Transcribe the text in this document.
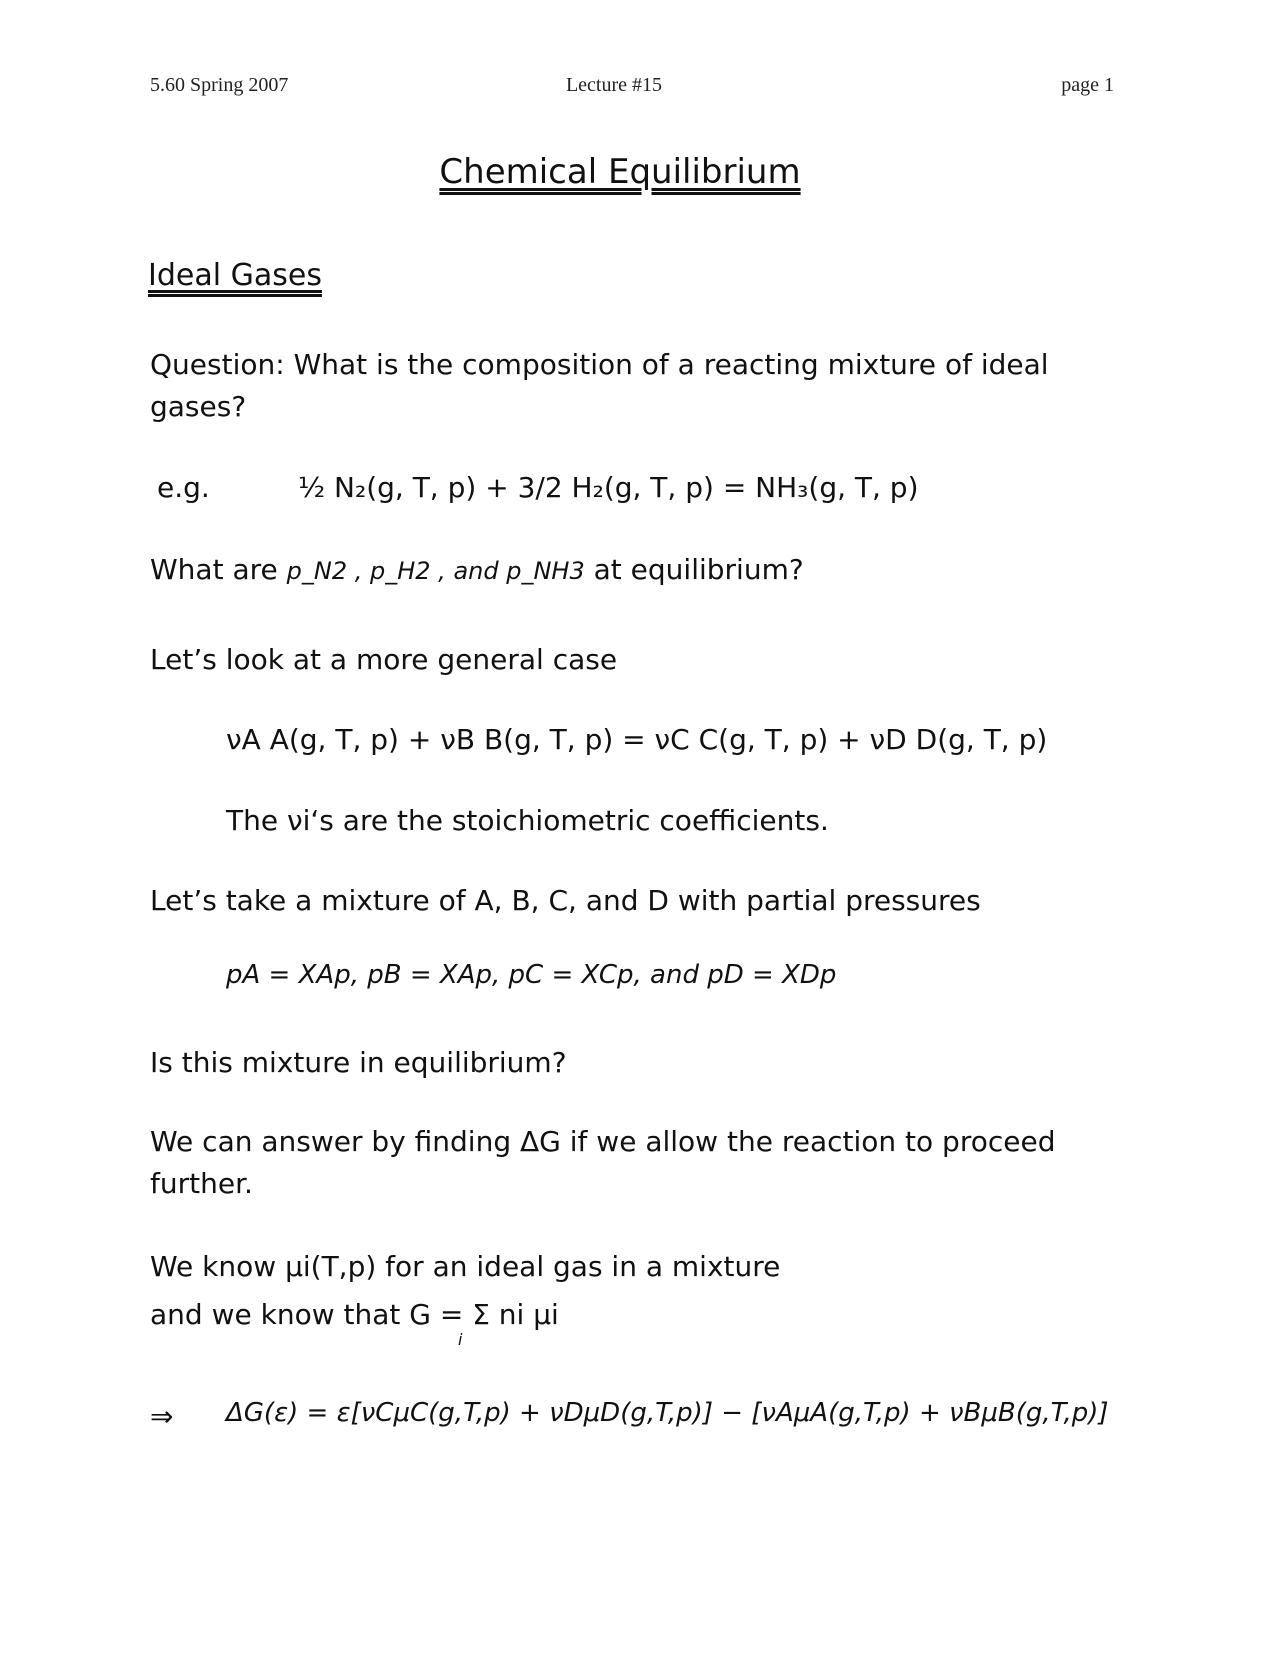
5.60 Spring 2007	Lecture #15	page 1
Chemical Equilibrium
Ideal Gases
Question: What is the composition of a reacting mixture of ideal
gases?
e.g.	½ N₂(g, T, p) + 3/2 H₂(g, T, p) = NH₃(g, T, p)
What are p_N2 , p_H2 , and p_NH3 at equilibrium?
Let’s look at a more general case
νA A(g, T, p) + νB B(g, T, p) = νC C(g, T, p) + νD D(g, T, p)
The νi‘s are the stoichiometric coefficients.
Let’s take a mixture of A, B, C, and D with partial pressures
pA = XAp, pB = XAp, pC = XCp, and pD = XDp
Is this mixture in equilibrium?
We can answer by finding ΔG if we allow the reaction to proceed
further.
We know μi(T,p) for an ideal gas in a mixture
and we know that G = Σ ni μi
i
⇒ ΔG(ε) = ε[νCμC(g,T,p) + νDμD(g,T,p)] − [νAμA(g,T,p) + νBμB(g,T,p)]
